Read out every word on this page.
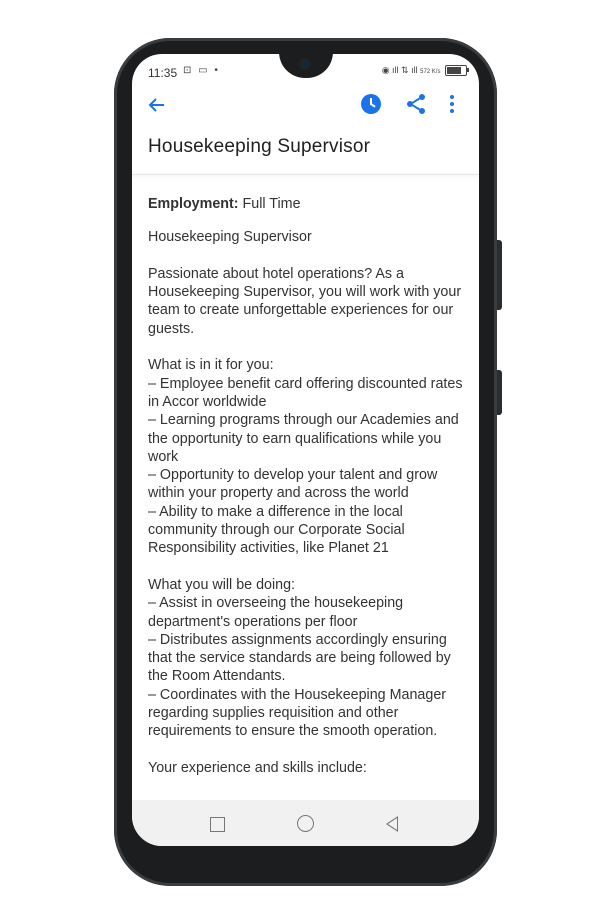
11:35 ⊡ ▭ •	◉ ıll ⇅ ıll 572 K/s
Housekeeping Supervisor

Employment: Full Time

Housekeeping Supervisor

Passionate about hotel operations? As a Housekeeping Supervisor, you will work with your team to create unforgettable experiences for our guests.

What is in it for you:
– Employee benefit card offering discounted rates in Accor worldwide
– Learning programs through our Academies and the opportunity to earn qualifications while you work
– Opportunity to develop your talent and grow within your property and across the world
– Ability to make a difference in the local community through our Corporate Social Responsibility activities, like Planet 21
What you will be doing:
– Assist in overseeing the housekeeping department's operations per floor
– Distributes assignments accordingly ensuring that the service standards are being followed by the Room Attendants.
– Coordinates with the Housekeeping Manager regarding supplies requisition and other requirements to ensure the smooth operation.
Your experience and skills include:
